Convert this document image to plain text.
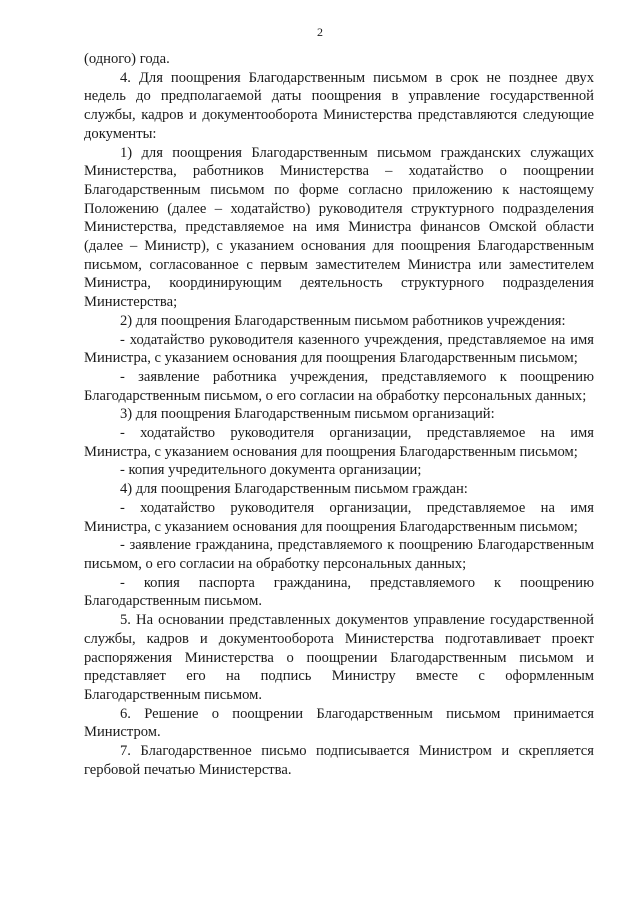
2

(одного) года.

4. Для поощрения Благодарственным письмом в срок не позднее двух недель до предполагаемой даты поощрения в управление государственной службы, кадров и документооборота Министерства представляются следующие документы:

1) для поощрения Благодарственным письмом гражданских служащих Министерства, работников Министерства – ходатайство о поощрении Благодарственным письмом по форме согласно приложению к настоящему Положению (далее – ходатайство) руководителя структурного подразделения Министерства, представляемое на имя Министра финансов Омской области (далее – Министр), с указанием основания для поощрения Благодарственным письмом, согласованное с первым заместителем Министра или заместителем Министра, координирующим деятельность структурного подразделения Министерства;

2) для поощрения Благодарственным письмом работников учреждения:

- ходатайство руководителя казенного учреждения, представляемое на имя Министра, с указанием основания для поощрения Благодарственным письмом;

- заявление работника учреждения, представляемого к поощрению Благодарственным письмом, о его согласии на обработку персональных данных;

3) для поощрения Благодарственным письмом организаций:

- ходатайство руководителя организации, представляемое на имя Министра, с указанием основания для поощрения Благодарственным письмом;

- копия учредительного документа организации;

4) для поощрения Благодарственным письмом граждан:

- ходатайство руководителя организации, представляемое на имя Министра, с указанием основания для поощрения Благодарственным письмом;

- заявление гражданина, представляемого к поощрению Благодарственным письмом, о его согласии на обработку персональных данных;

- копия паспорта гражданина, представляемого к поощрению Благодарственным письмом.

5. На основании представленных документов управление государственной службы, кадров и документооборота Министерства подготавливает проект распоряжения Министерства о поощрении Благодарственным письмом и представляет его на подпись Министру вместе с оформленным Благодарственным письмом.

6. Решение о поощрении Благодарственным письмом принимается Министром.

7. Благодарственное письмо подписывается Министром и скрепляется гербовой печатью Министерства.
